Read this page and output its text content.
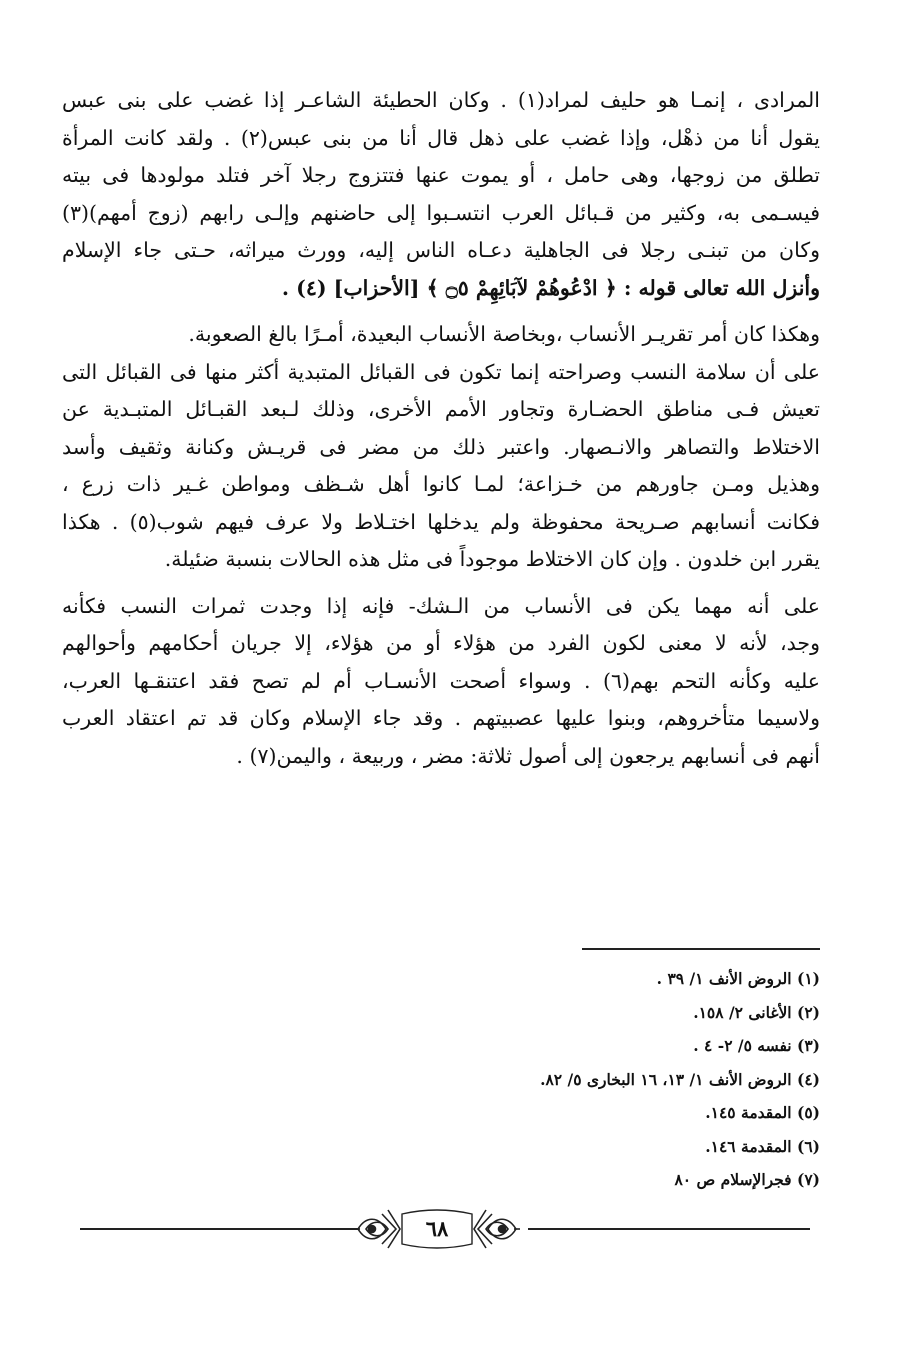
المرادى ، إنمـا هو حليف لمراد(١) . وكان الحطيئة الشاعـر إذا غضب على بنى عبس
يقول أنا من ذهْل، وإذا غضب على ذهل قال أنا من بنى عبس(٢) . ولقد كانت المرأة
تطلق من زوجها، وهى حامل ، أو يموت عنها فتتزوج رجلا آخر فتلد مولودها فى بيته
فيسـمى به، وكثير من قـبائل العرب انتسـبوا إلى حاضنهم وإلـى رابهم (زوج أمهم)(٣)
وكان من تبنـى رجلا فى الجاهلية دعـاه الناس إليه، وورث ميراثه، حـتى جاء الإسلام
وأنزل الله تعالى قوله : ﴿ ادْعُوهُمْ لآبَائِهِمْ ۝٥ ﴾ [الأحزاب] (٤) .
وهكذا كان أمر تقريـر الأنساب ،وبخاصة الأنساب البعيدة، أمـرًا بالغ الصعوبة.
على أن سلامة النسب وصراحته إنما تكون فى القبائل المتبدية أكثر منها فى القبائل التى
تعيش فـى مناطق الحضـارة وتجاور الأمم الأخرى، وذلك لـبعد القبـائل المتبـدية عن
الاختلاط والتصاهر والانـصهار. واعتبر ذلك من مضر فى قريـش وكنانة وثقيف وأسد
وهذيل ومـن جاورهم من خـزاعة؛ لمـا كانوا أهل شـظف ومواطن غـير ذات زرع ،
فكانت أنسابهم صـريحة محفوظة ولم يدخلها اختـلاط ولا عرف فيهم شوب(٥) . هكذا
يقرر ابن خلدون . وإن كان الاختلاط موجوداً فى مثل هذه الحالات بنسبة ضئيلة.
على أنه مهما يكن فى الأنساب من الـشك- فإنه إذا وجدت ثمرات النسب فكأنه
وجد، لأنه لا معنى لكون الفرد من هؤلاء أو من هؤلاء، إلا جريان أحكامهم وأحوالهم
عليه وكأنه التحم بهم(٦) . وسواء أصحت الأنسـاب أم لم تصح فقد اعتنقـها العرب،
ولاسيما متأخروهم، وبنوا عليها عصبيتهم . وقد جاء الإسلام وكان قد تم اعتقاد العرب
أنهم فى أنسابهم يرجعون إلى أصول ثلاثة: مضر ، وربيعة ، واليمن(٧) .
(١) الروض الأنف ١/ ٣٩ .
(٢) الأغانى ٢/ ١٥٨.
(٣) نفسه ٥/ ٢- ٤ .
(٤) الروض الأنف ١/ ١٣، ١٦ البخارى ٥/ ٨٢.
(٥) المقدمة ١٤٥.
(٦) المقدمة ١٤٦.
(٧) فجرالإسلام ص ٨٠
٦٨
